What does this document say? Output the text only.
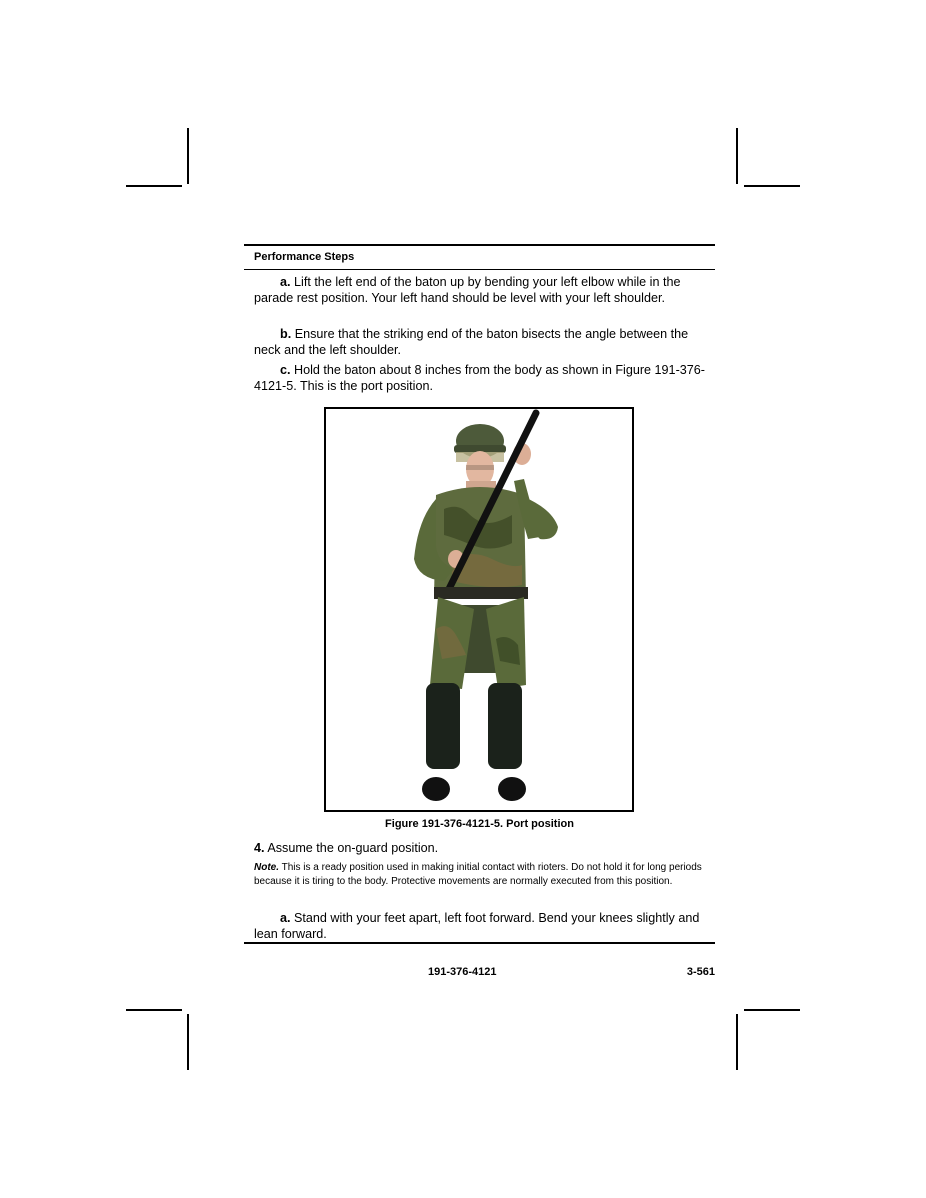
Performance Steps
a. Lift the left end of the baton up by bending your left elbow while in the parade rest position. Your left hand should be level with your left shoulder.
b. Ensure that the striking end of the baton bisects the angle between the neck and the left shoulder.
c. Hold the baton about 8 inches from the body as shown in Figure 191-376-4121-5. This is the port position.
Figure 191-376-4121-5. Port position
4. Assume the on-guard position.
Note. This is a ready position used in making initial contact with rioters. Do not hold it for long periods because it is tiring to the body. Protective movements are normally executed from this position.
a. Stand with your feet apart, left foot forward. Bend your knees slightly and lean forward.
191-376-4121	3-561
